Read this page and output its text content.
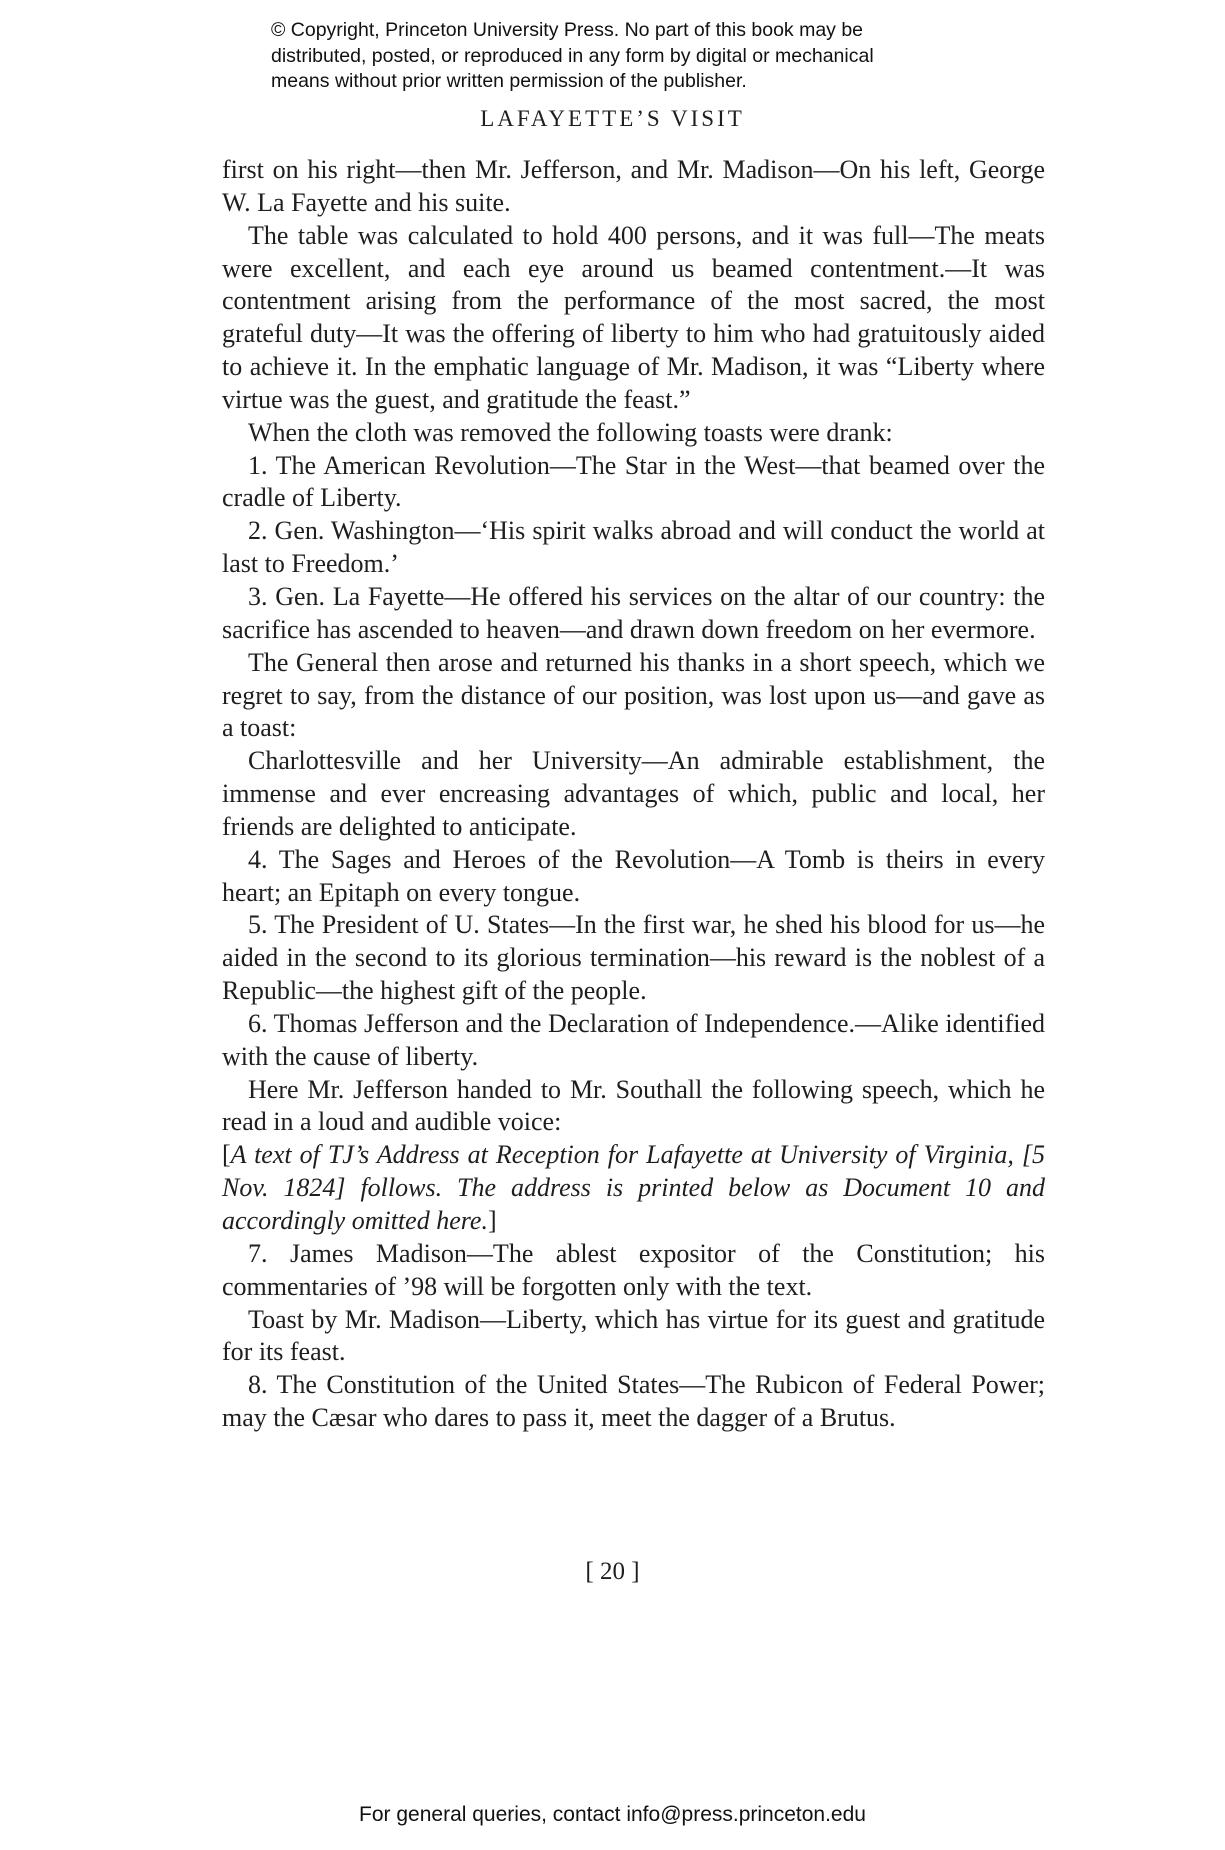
© Copyright, Princeton University Press. No part of this book may be
distributed, posted, or reproduced in any form by digital or mechanical
means without prior written permission of the publisher.
LAFAYETTE’S VISIT

first on his right—then Mr. Jefferson, and Mr. Madison—On his left, George W. La Fayette and his suite.

The table was calculated to hold 400 persons, and it was full—The meats were excellent, and each eye around us beamed contentment.—It was contentment arising from the performance of the most sacred, the most grateful duty—It was the offering of liberty to him who had gratuitously aided to achieve it. In the emphatic language of Mr. Madison, it was “Liberty where virtue was the guest, and gratitude the feast.”

When the cloth was removed the following toasts were drank:

1. The American Revolution—The Star in the West—that beamed over the cradle of Liberty.

2. Gen. Washington—‘His spirit walks abroad and will conduct the world at last to Freedom.’

3. Gen. La Fayette—He offered his services on the altar of our country: the sacrifice has ascended to heaven—and drawn down freedom on her evermore.

The General then arose and returned his thanks in a short speech, which we regret to say, from the distance of our position, was lost upon us—and gave as a toast:

Charlottesville and her University—An admirable establishment, the immense and ever encreasing advantages of which, public and local, her friends are delighted to anticipate.

4. The Sages and Heroes of the Revolution—A Tomb is theirs in every heart; an Epitaph on every tongue.

5. The President of U. States—In the first war, he shed his blood for us—he aided in the second to its glorious termination—his reward is the noblest of a Republic—the highest gift of the people.

6. Thomas Jefferson and the Declaration of Independence.—Alike identified with the cause of liberty.

Here Mr. Jefferson handed to Mr. Southall the following speech, which he read in a loud and audible voice:

[A text of TJ’s Address at Reception for Lafayette at University of Virginia, [5 Nov. 1824] follows. The address is printed below as Document 10 and accordingly omitted here.]

7. James Madison—The ablest expositor of the Constitution; his commentaries of ’98 will be forgotten only with the text.

Toast by Mr. Madison—Liberty, which has virtue for its guest and gratitude for its feast.

8. The Constitution of the United States—The Rubicon of Federal Power; may the Cæsar who dares to pass it, meet the dagger of a Brutus.

[ 20 ]
For general queries, contact info@press.princeton.edu
